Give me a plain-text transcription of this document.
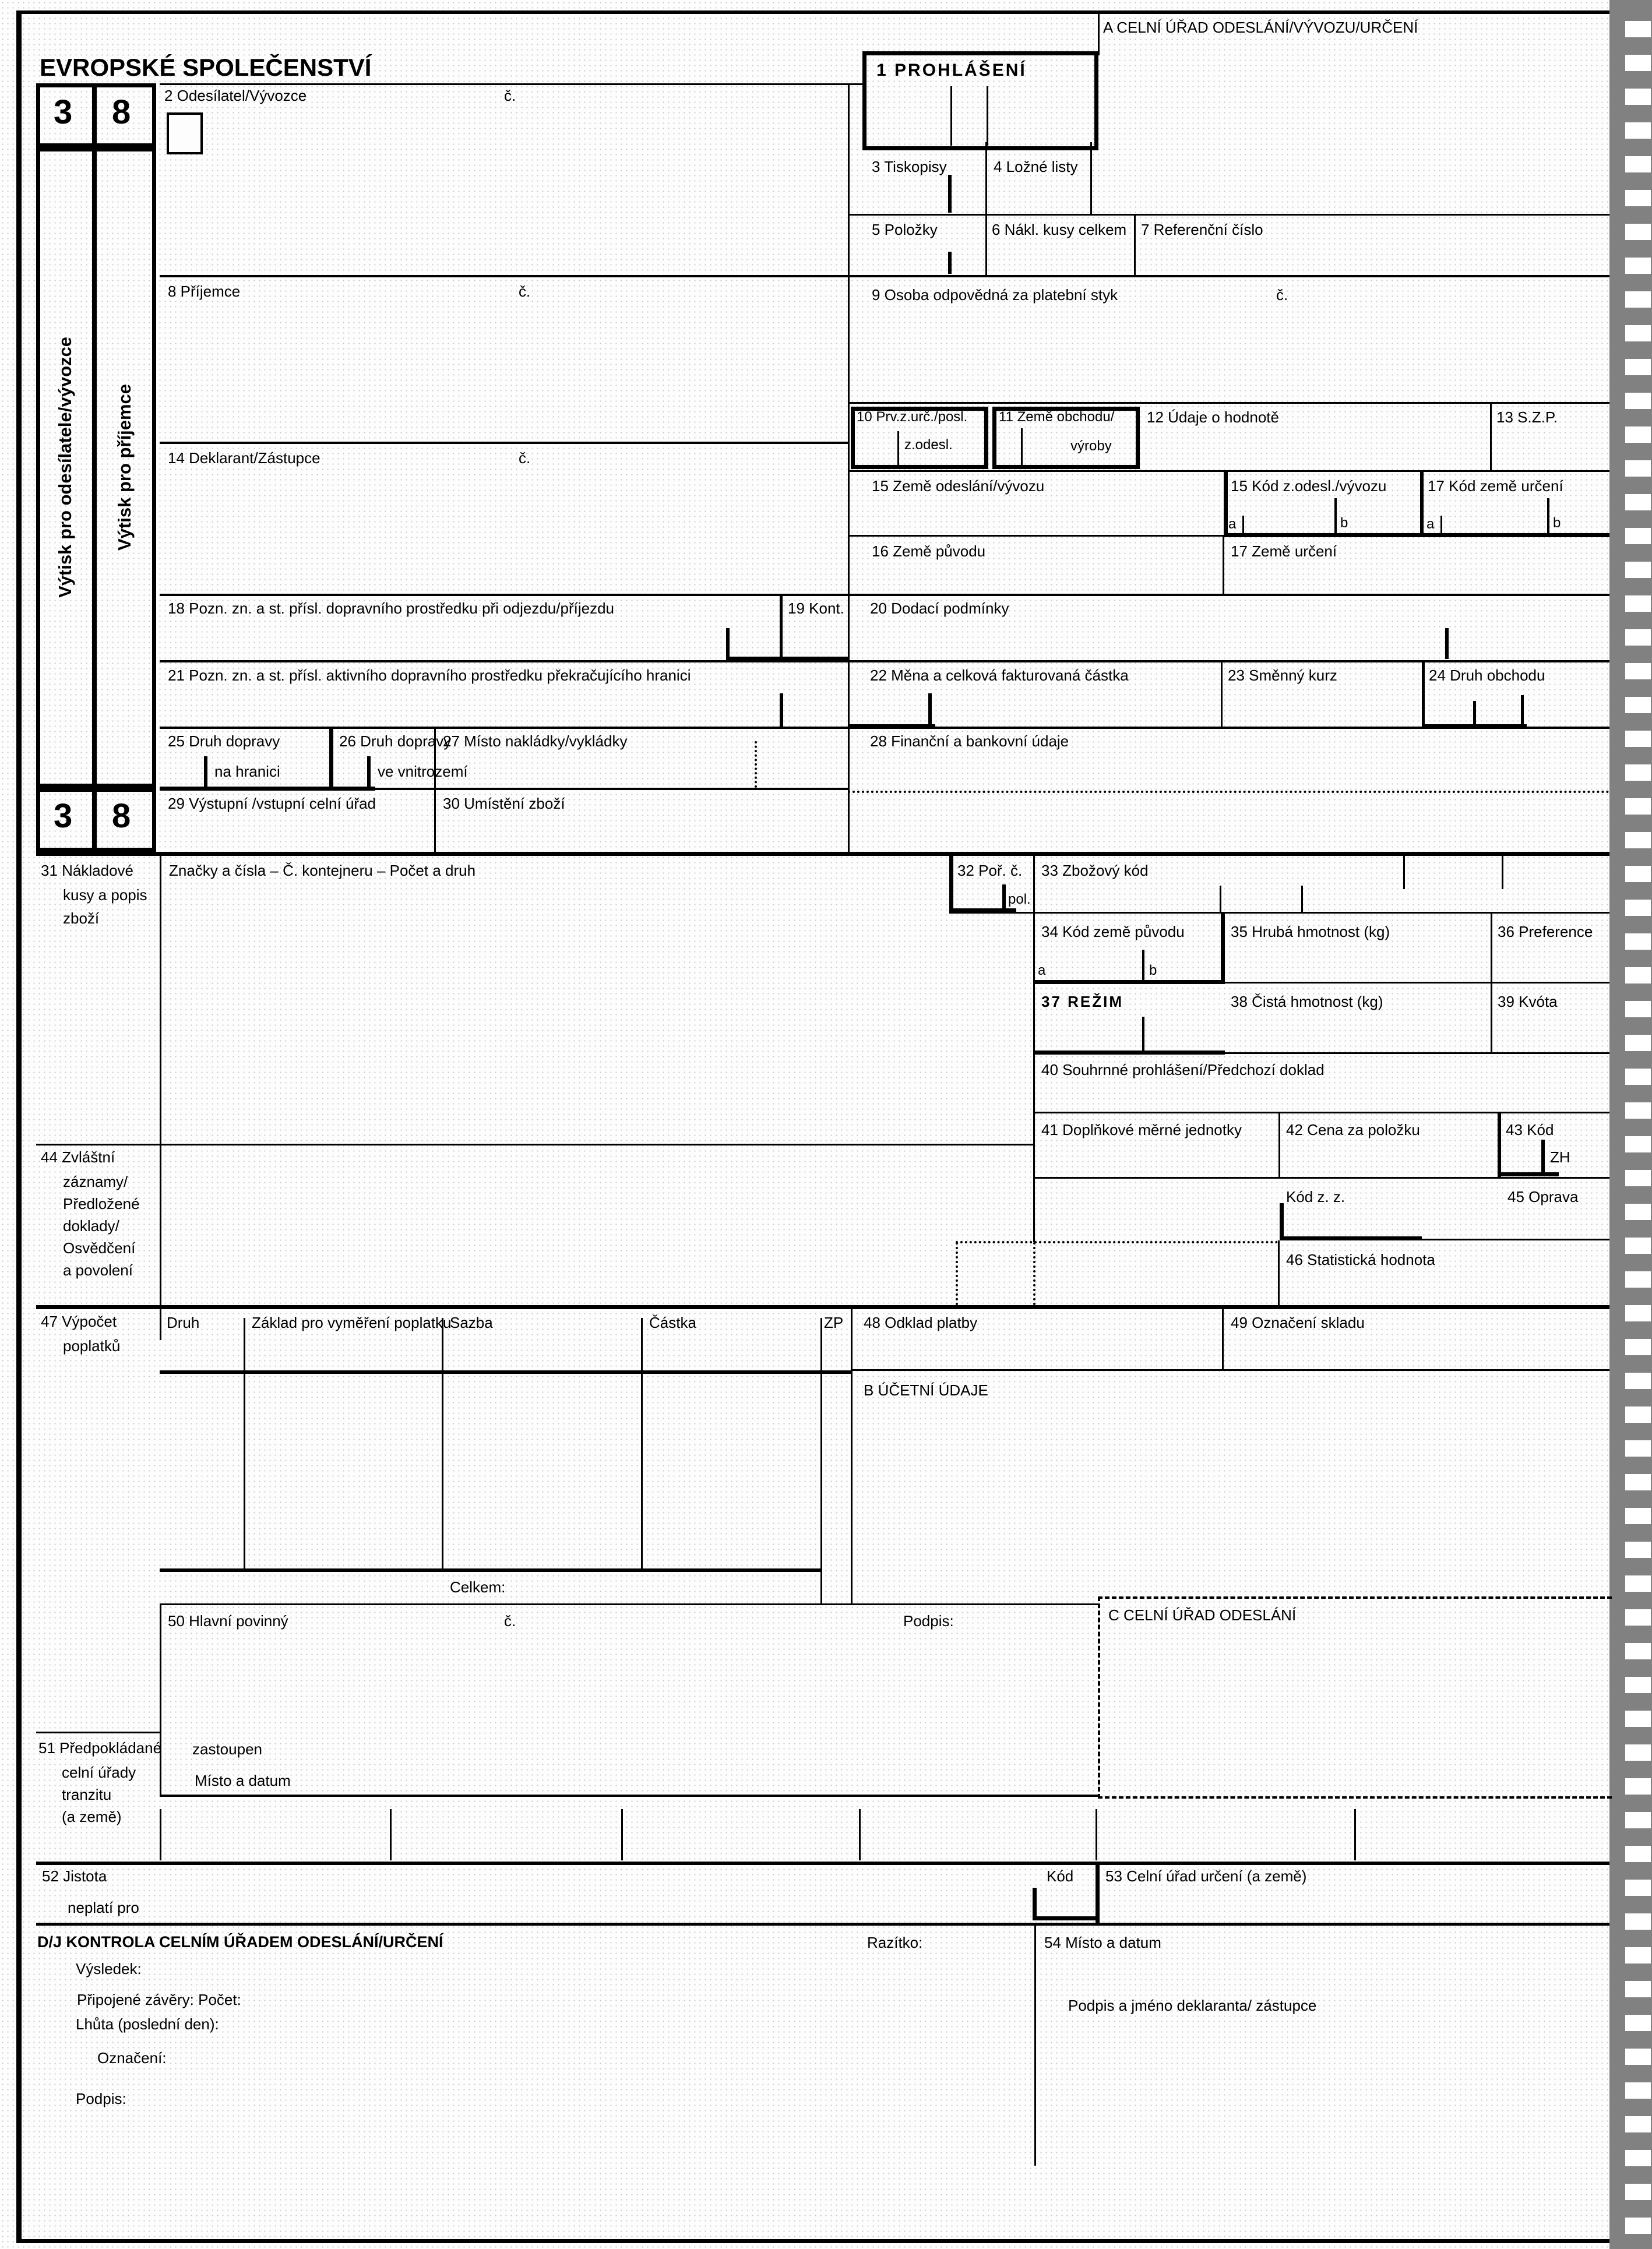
EVROPSKÉ SPOLEČENSTVÍ
A CELNÍ ÚŘAD ODESLÁNÍ/VÝVOZU/URČENÍ
1 PROHLÁŠENÍ
3 8
Výtisk pro odesílatele/vývozce	Výtisk pro příjemce
3 8
2 Odesílatel/Vývozce	č.
3 Tiskopisy	4 Ložné listy
5 Položky	6 Nákl. kusy celkem 7 Referenční číslo
8 Příjemce	č.	9 Osoba odpovědná za platební styk	č.
10 Prv.z.urč./posl.
z.odesl.
11 Země obchodu/
výroby
12 Údaje o hodnotě	13 S.Z.P.
14 Deklarant/Zástupce	č.
15 Země odeslání/vývozu	15 Kód z.odesl./vývozu	17 Kód země určení
a	b	a	b
16 Země původu	17 Země určení
18 Pozn. zn. a st. přísl. dopravního prostředku při odjezdu/příjezdu	19 Kont. 20 Dodací podmínky
21 Pozn. zn. a st. přísl. aktivního dopravního prostředku překračujícího hranici	22 Měna a celková fakturovaná částka	23 Směnný kurz	24 Druh obchodu
25 Druh dopravy
na hranici
26 Druh dopravy
ve vnitrozemí
27 Místo nakládky/vykládky	28 Finanční a bankovní údaje
29 Výstupní /vstupní celní úřad	30 Umístění zboží
31 Nákladové
kusy a popis
zboží
Značky a čísla – Č. kontejneru – Počet a druh	32 Poř. č.
pol.
33 Zbožový kód
34 Kód země původu
a	b
35 Hrubá hmotnost (kg)	36 Preference
37 REŽIM	38 Čistá hmotnost (kg)	39 Kvóta
40 Souhrnné prohlášení/Předchozí doklad
41 Doplňkové měrné jednotky	42 Cena za položku	43 Kód
ZH
Kód z. z.	45 Oprava
46 Statistická hodnota
44 Zvláštní
záznamy/
Předložené
doklady/
Osvědčení
a povolení
47 Výpočet
poplatků
Druh	Základ pro vyměření poplatku
Sazba	Částka	ZP
Celkem:
48 Odklad platby	49 Označení skladu
B ÚČETNÍ ÚDAJE
50 Hlavní povinný	č.	Podpis:	C CELNÍ ÚŘAD ODESLÁNÍ
51 Předpokládané
celní úřady
tranzitu
(a země)
zastoupen
Místo a datum
52 Jistota
neplatí pro
Kód 53 Celní úřad určení (a země)
D/J KONTROLA CELNÍM ÚŘADEM ODESLÁNÍ/URČENÍ	Razítko:	54 Místo a datum
Výsledek:
Připojené závěry: Počet:
Lhůta (poslední den):
Označení:
Podpis:
Podpis a jméno deklaranta/ zástupce
